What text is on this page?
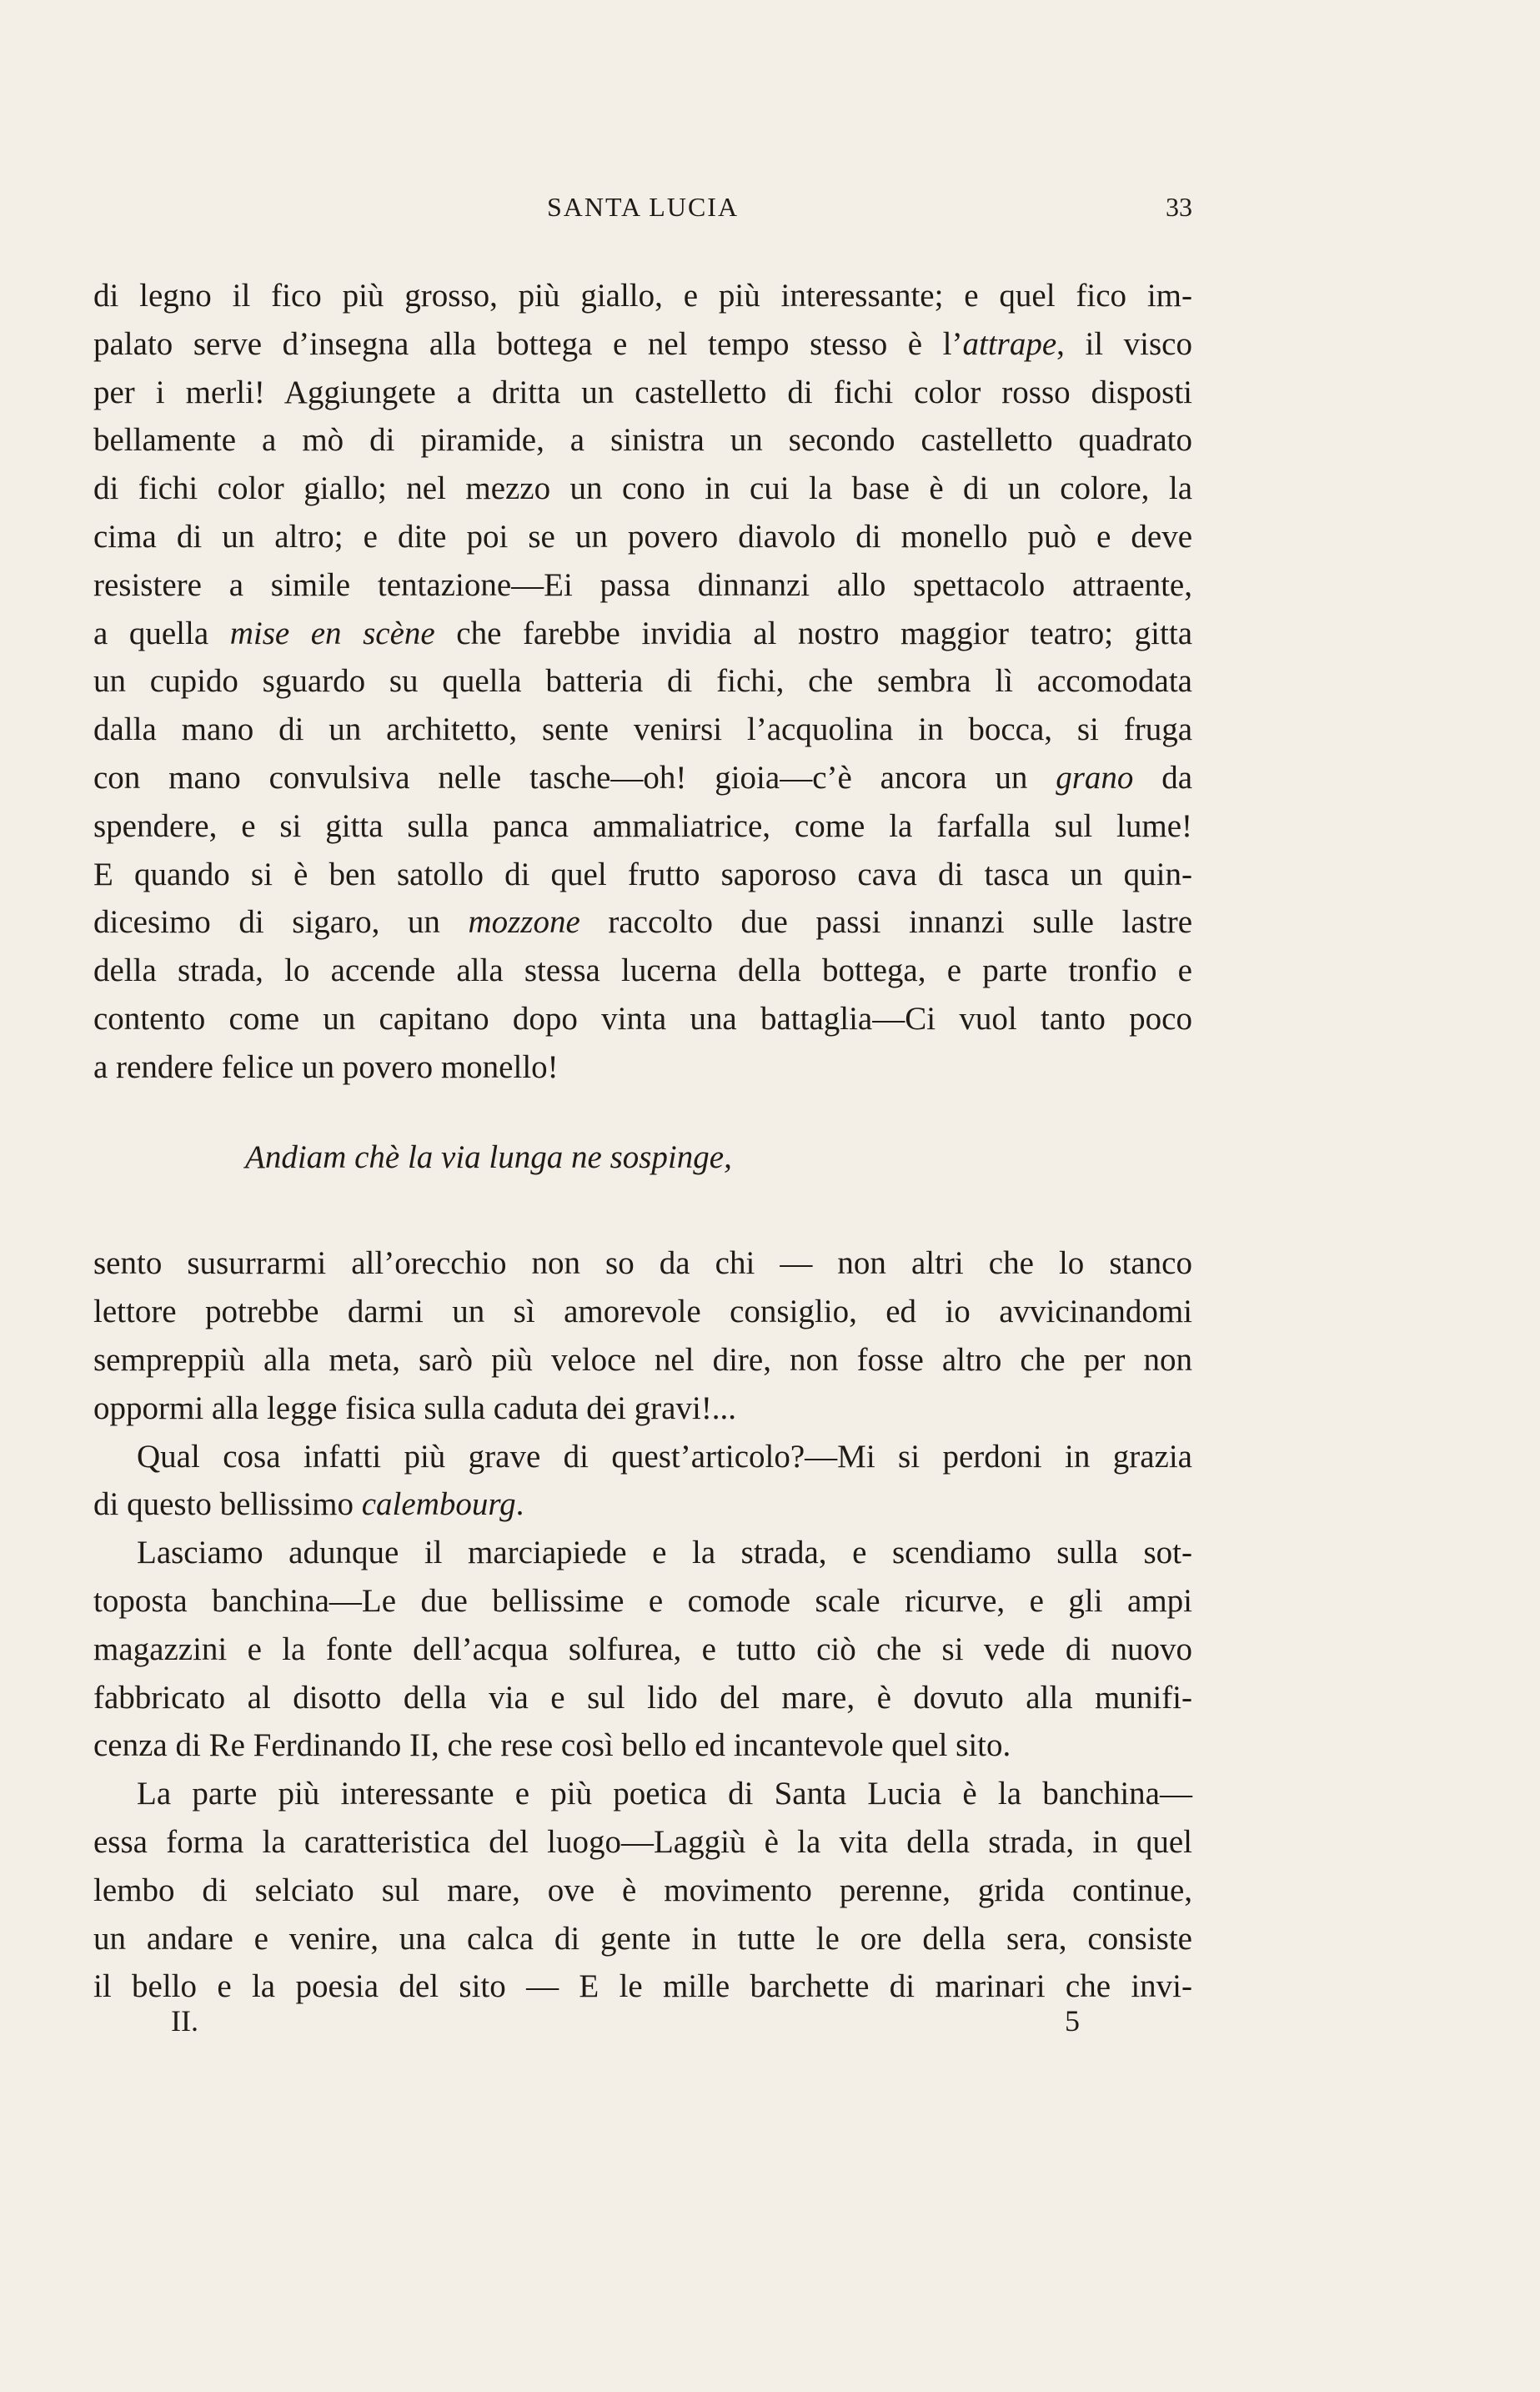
SANTA LUCIA	33
di legno il fico più grosso, più giallo, e più interessante; e quel fico im-
palato serve d’insegna alla bottega e nel tempo stesso è l’attrape, il visco
per i merli! Aggiungete a dritta un castelletto di fichi color rosso disposti
bellamente a mò di piramide, a sinistra un secondo castelletto quadrato
di fichi color giallo; nel mezzo un cono in cui la base è di un colore, la
cima di un altro; e dite poi se un povero diavolo di monello può e deve
resistere a simile tentazione—Ei passa dinnanzi allo spettacolo attraente,
a quella mise en scène che farebbe invidia al nostro maggior teatro; gitta
un cupido sguardo su quella batteria di fichi, che sembra lì accomodata
dalla mano di un architetto, sente venirsi l’acquolina in bocca, si fruga
con mano convulsiva nelle tasche—oh! gioia—c’è ancora un grano da
spendere, e si gitta sulla panca ammaliatrice, come la farfalla sul lume!
E quando si è ben satollo di quel frutto saporoso cava di tasca un quin-
dicesimo di sigaro, un mozzone raccolto due passi innanzi sulle lastre
della strada, lo accende alla stessa lucerna della bottega, e parte tronfio e
contento come un capitano dopo vinta una battaglia—Ci vuol tanto poco
a rendere felice un povero monello!
Andiam chè la via lunga ne sospinge,
sento susurrarmi all’orecchio non so da chi — non altri che lo stanco
lettore potrebbe darmi un sì amorevole consiglio, ed io avvicinandomi
sempreppiù alla meta, sarò più veloce nel dire, non fosse altro che per non
oppormi alla legge fisica sulla caduta dei gravi!...
Qual cosa infatti più grave di quest’articolo?—Mi si perdoni in grazia
di questo bellissimo calembourg.
Lasciamo adunque il marciapiede e la strada, e scendiamo sulla sot-
toposta banchina—Le due bellissime e comode scale ricurve, e gli ampi
magazzini e la fonte dell’acqua solfurea, e tutto ciò che si vede di nuovo
fabbricato al disotto della via e sul lido del mare, è dovuto alla munifi-
cenza di Re Ferdinando II, che rese così bello ed incantevole quel sito.
La parte più interessante e più poetica di Santa Lucia è la banchina—
essa forma la caratteristica del luogo—Laggiù è la vita della strada, in quel
lembo di selciato sul mare, ove è movimento perenne, grida continue,
un andare e venire, una calca di gente in tutte le ore della sera, consiste
il bello e la poesia del sito — E le mille barchette di marinari che invi-
II.	5
